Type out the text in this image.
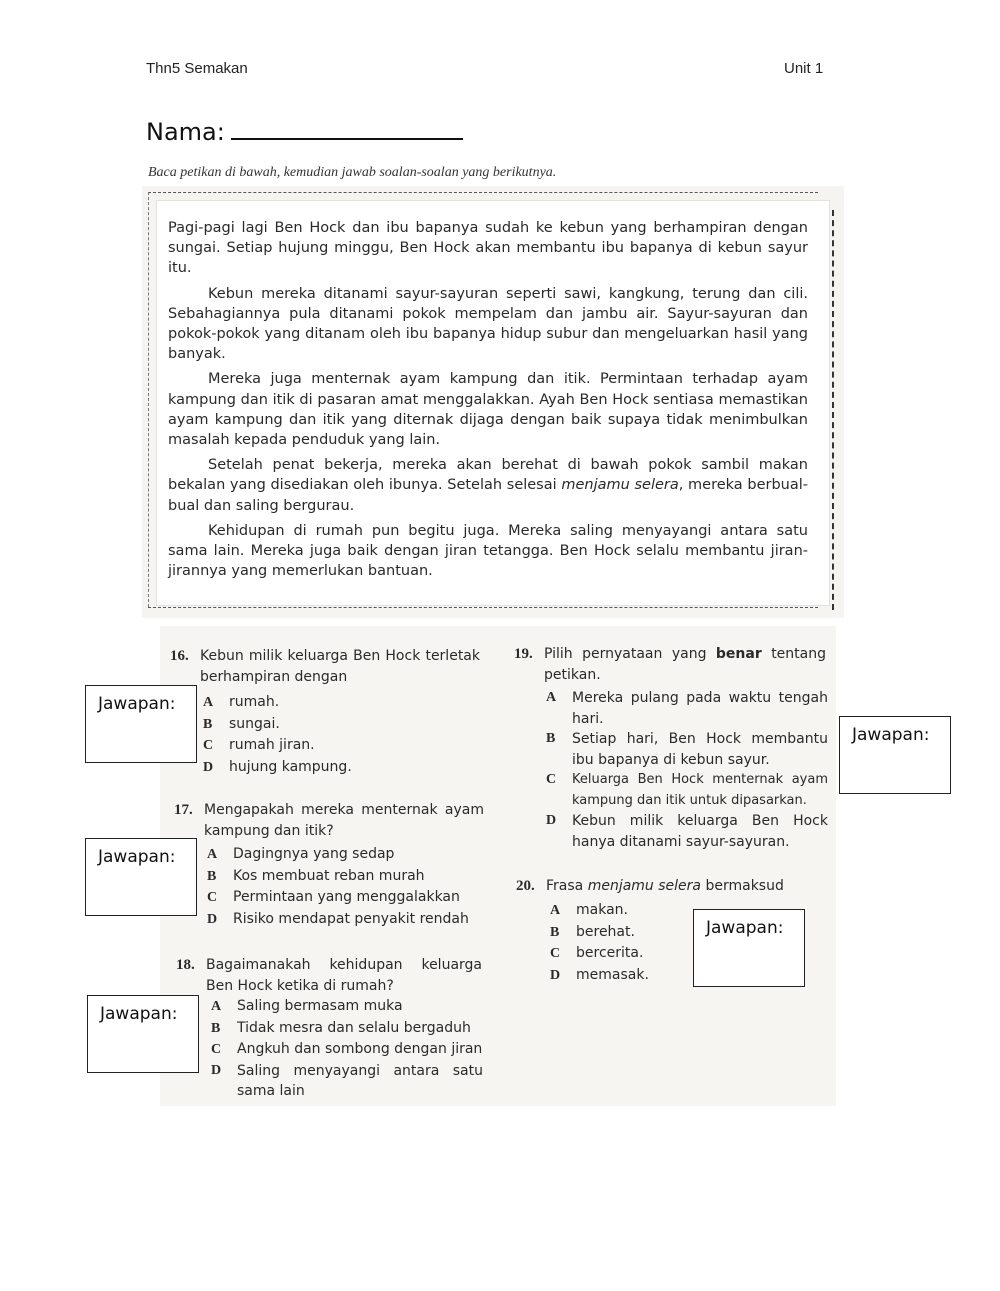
Thn5 Semakan	Unit 1
Nama:
Baca petikan di bawah, kemudian jawab soalan-soalan yang berikutnya.

Pagi-pagi lagi Ben Hock dan ibu bapanya sudah ke kebun yang berhampiran dengan sungai. Setiap hujung minggu, Ben Hock akan membantu ibu bapanya di kebun sayur itu.

Kebun mereka ditanami sayur-sayuran seperti sawi, kangkung, terung dan cili. Sebahagiannya pula ditanami pokok mempelam dan jambu air. Sayur-sayuran dan pokok-pokok yang ditanam oleh ibu bapanya hidup subur dan mengeluarkan hasil yang banyak.

Mereka juga menternak ayam kampung dan itik. Permintaan terhadap ayam kampung dan itik di pasaran amat menggalakkan. Ayah Ben Hock sentiasa memastikan ayam kampung dan itik yang diternak dijaga dengan baik supaya tidak menimbulkan masalah kepada penduduk yang lain.

Setelah penat bekerja, mereka akan berehat di bawah pokok sambil makan bekalan yang disediakan oleh ibunya. Setelah selesai menjamu selera, mereka berbual-bual dan saling bergurau.

Kehidupan di rumah pun begitu juga. Mereka saling menyayangi antara satu sama lain. Mereka juga baik dengan jiran tetangga. Ben Hock selalu membantu jiran-jirannya yang memerlukan bantuan.

16. Kebun milik keluarga Ben Hock terletak berhampiran dengan
A rumah.
B sungai.
C rumah jiran.
D hujung kampung.
Jawapan:
17. Mengapakah mereka menternak ayam kampung dan itik?
A Dagingnya yang sedap
B Kos membuat reban murah
C Permintaan yang menggalakkan
D Risiko mendapat penyakit rendah
Jawapan:
18. Bagaimanakah kehidupan keluarga Ben Hock ketika di rumah?
A Saling bermasam muka
B Tidak mesra dan selalu bergaduh
C Angkuh dan sombong dengan jiran
D Saling menyayangi antara satu sama lain
Jawapan:
19. Pilih pernyataan yang benar tentang petikan.
A Mereka pulang pada waktu tengah hari.
B Setiap hari, Ben Hock membantu ibu bapanya di kebun sayur.
C Keluarga Ben Hock menternak ayam kampung dan itik untuk dipasarkan.
D Kebun milik keluarga Ben Hock hanya ditanami sayur-sayuran.
Jawapan:
20. Frasa menjamu selera bermaksud
A makan.
B berehat.
C bercerita.
D memasak.
Jawapan:
